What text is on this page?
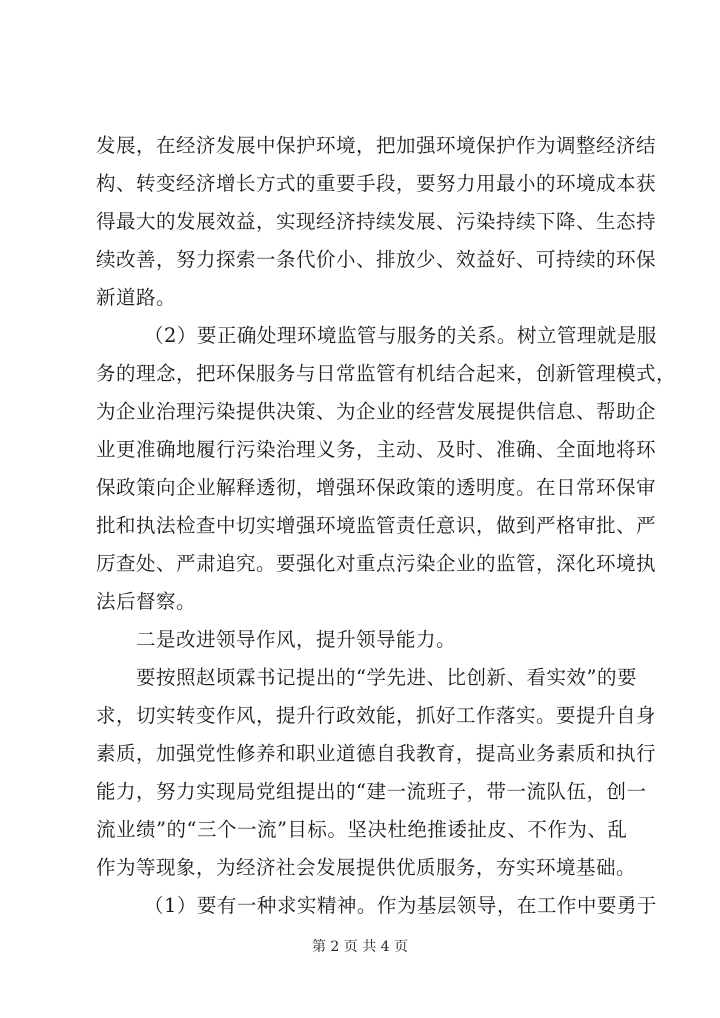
发展，在经济发展中保护环境，把加强环境保护作为调整经济结
构、转变经济增长方式的重要手段，要努力用最小的环境成本获
得最大的发展效益，实现经济持续发展、污染持续下降、生态持
续改善，努力探索一条代价小、排放少、效益好、可持续的环保
新道路。
（2）要正确处理环境监管与服务的关系。树立管理就是服
务的理念，把环保服务与日常监管有机结合起来，创新管理模式，
为企业治理污染提供决策、为企业的经营发展提供信息、帮助企
业更准确地履行污染治理义务，主动、及时、准确、全面地将环
保政策向企业解释透彻，增强环保政策的透明度。在日常环保审
批和执法检查中切实增强环境监管责任意识，做到严格审批、严
厉查处、严肃追究。要强化对重点污染企业的监管，深化环境执
法后督察。
二是改进领导作风，提升领导能力。
要按照赵顷霖书记提出的“学先进、比创新、看实效”的要
求，切实转变作风，提升行政效能，抓好工作落实。要提升自身
素质，加强党性修养和职业道德自我教育，提高业务素质和执行
能力，努力实现局党组提出的“建一流班子，带一流队伍，创一
流业绩”的“三个一流”目标。坚决杜绝推诿扯皮、不作为、乱
作为等现象，为经济社会发展提供优质服务，夯实环境基础。
（1）要有一种求实精神。作为基层领导，在工作中要勇于
第 2 页 共 4 页
